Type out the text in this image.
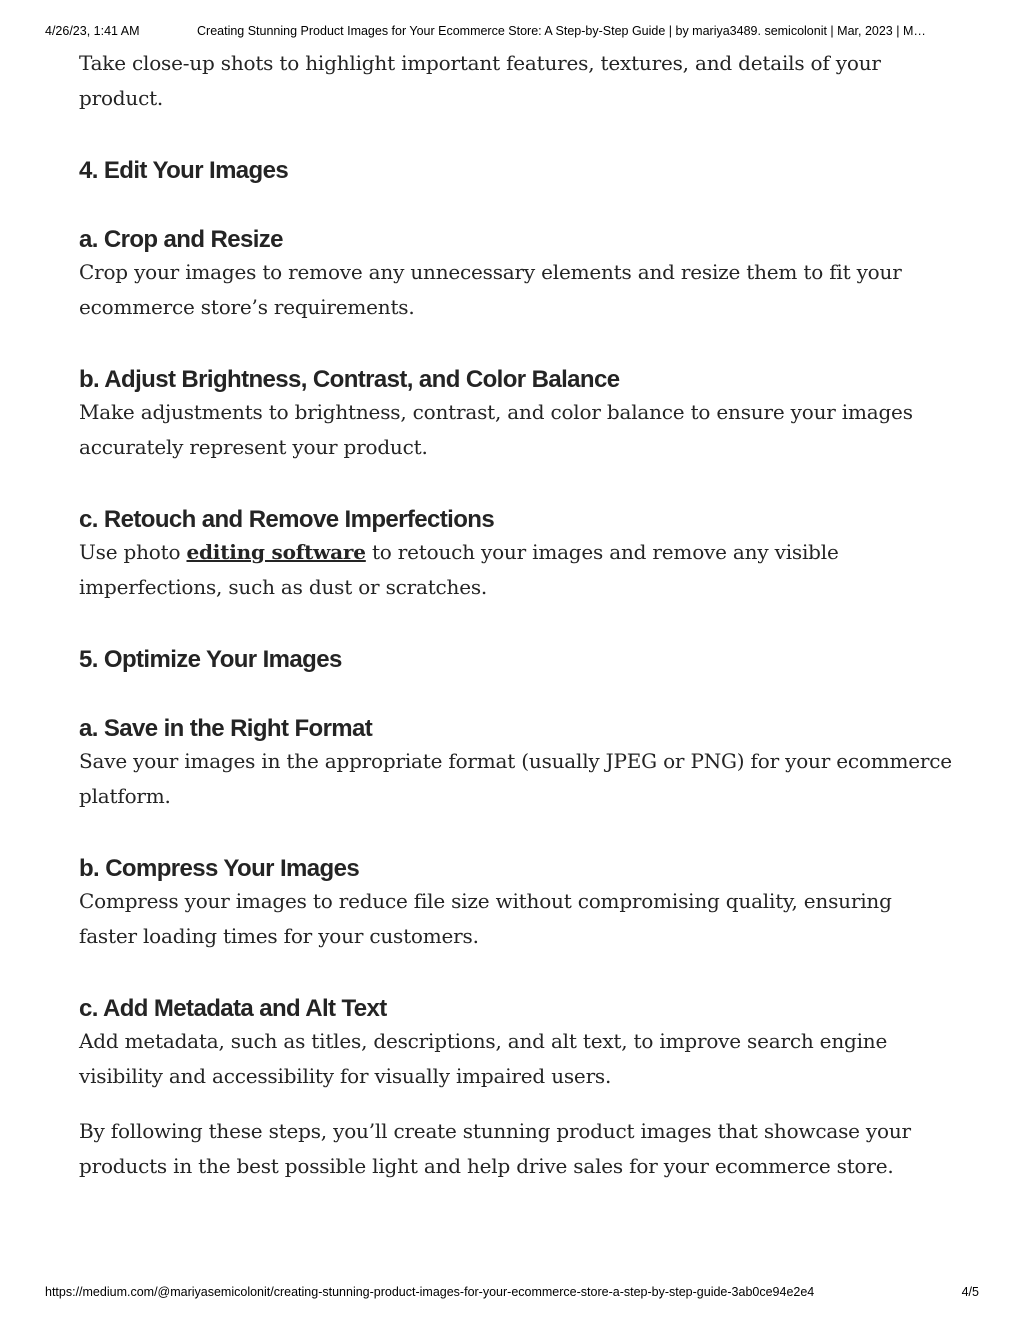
4/26/23, 1:41 AM	Creating Stunning Product Images for Your Ecommerce Store: A Step-by-Step Guide | by mariya3489. semicolonit | Mar, 2023 | M…

Take close-up shots to highlight important features, textures, and details of your product.

4. Edit Your Images
a. Crop and Resize

Crop your images to remove any unnecessary elements and resize them to fit your ecommerce store’s requirements.

b. Adjust Brightness, Contrast, and Color Balance

Make adjustments to brightness, contrast, and color balance to ensure your images accurately represent your product.

c. Retouch and Remove Imperfections

Use photo editing software to retouch your images and remove any visible imperfections, such as dust or scratches.

5. Optimize Your Images
a. Save in the Right Format

Save your images in the appropriate format (usually JPEG or PNG) for your ecommerce platform.

b. Compress Your Images

Compress your images to reduce file size without compromising quality, ensuring faster loading times for your customers.

c. Add Metadata and Alt Text

Add metadata, such as titles, descriptions, and alt text, to improve search engine visibility and accessibility for visually impaired users.

By following these steps, you’ll create stunning product images that showcase your products in the best possible light and help drive sales for your ecommerce store.

https://medium.com/@mariyasemicolonit/creating-stunning-product-images-for-your-ecommerce-store-a-step-by-step-guide-3ab0ce94e2e4	4/5
